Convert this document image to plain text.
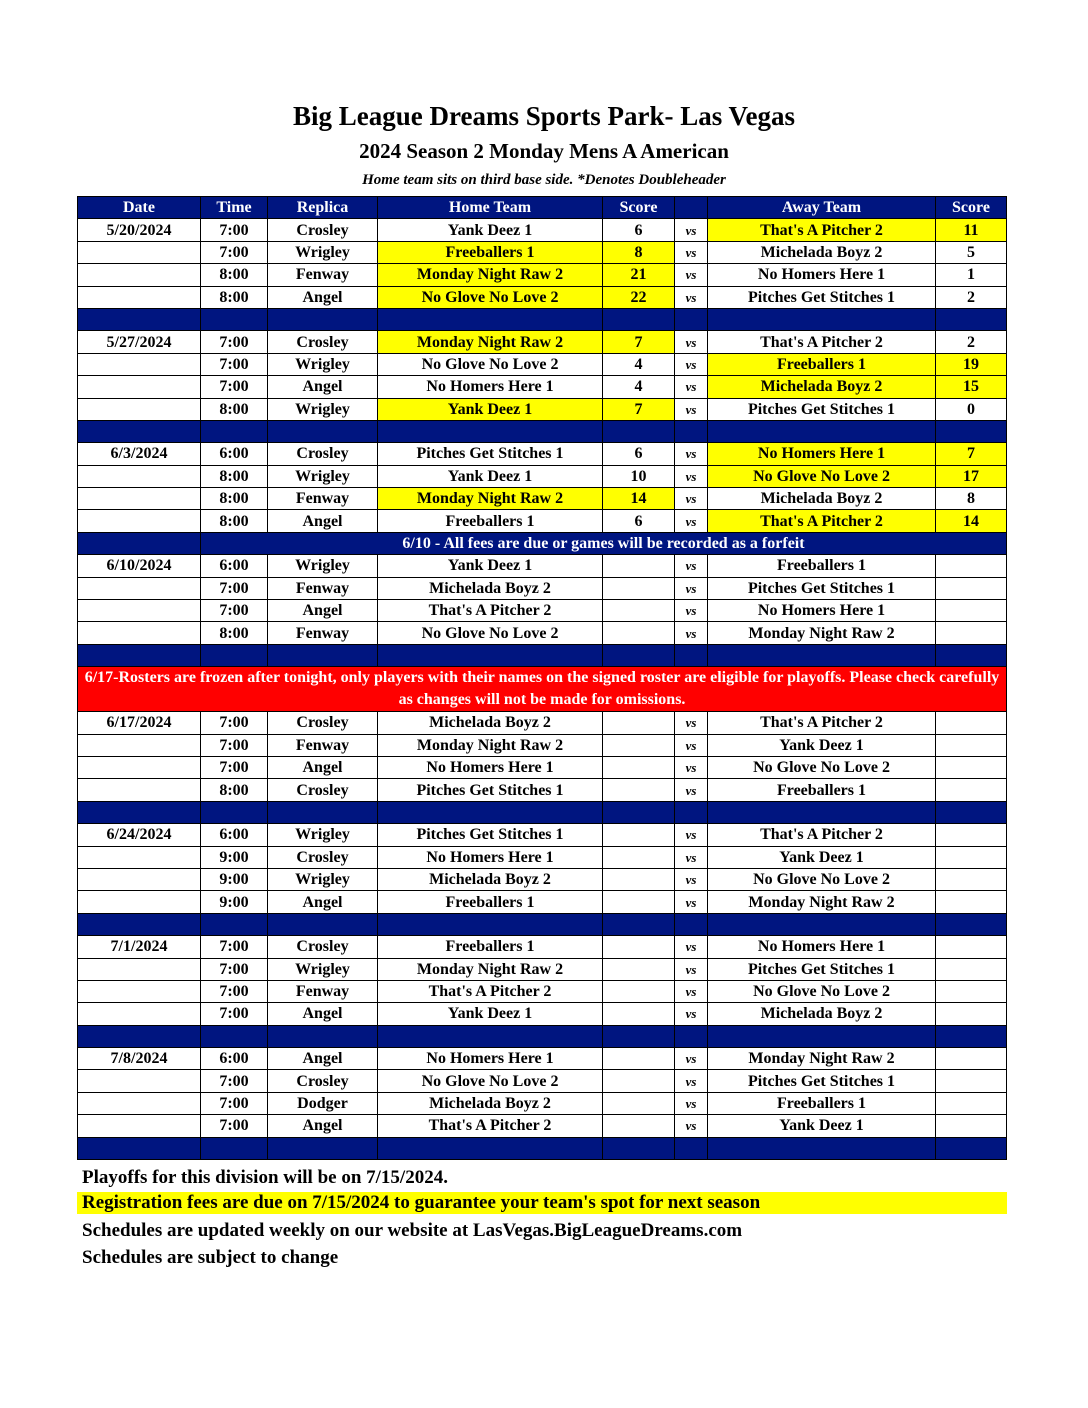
Big League Dreams Sports Park- Las Vegas
2024 Season 2 Monday Mens A American
Home team sits on third base side. *Denotes Doubleheader
Date	Time	Replica	Home Team	Score		Away Team	Score
5/20/2024	7:00	Crosley	Yank Deez 1	6	vs	That's A Pitcher 2	11
	7:00	Wrigley	Freeballers 1	8	vs	Michelada Boyz 2	5
	8:00	Fenway	Monday Night Raw 2	21	vs	No Homers Here 1	1
	8:00	Angel	No Glove No Love 2	22	vs	Pitches Get Stitches 1	2

5/27/2024	7:00	Crosley	Monday Night Raw 2	7	vs	That's A Pitcher 2	2
	7:00	Wrigley	No Glove No Love 2	4	vs	Freeballers 1	19
	7:00	Angel	No Homers Here 1	4	vs	Michelada Boyz 2	15
	8:00	Wrigley	Yank Deez 1	7	vs	Pitches Get Stitches 1	0

6/3/2024	6:00	Crosley	Pitches Get Stitches 1	6	vs	No Homers Here 1	7
	8:00	Wrigley	Yank Deez 1	10	vs	No Glove No Love 2	17
	8:00	Fenway	Monday Night Raw 2	14	vs	Michelada Boyz 2	8
	8:00	Angel	Freeballers 1	6	vs	That's A Pitcher 2	14
	6/10 - All fees are due or games will be recorded as a forfeit						
6/10/2024	6:00	Wrigley	Yank Deez 1		vs	Freeballers 1	
	7:00	Fenway	Michelada Boyz 2		vs	Pitches Get Stitches 1	
	7:00	Angel	That's A Pitcher 2		vs	No Homers Here 1	
	8:00	Fenway	No Glove No Love 2		vs	Monday Night Raw 2	

6/17-Rosters are frozen after tonight, only players with their names on the signed roster are eligible for playoffs. Please check carefully as changes will not be made for omissions.							
6/17/2024	7:00	Crosley	Michelada Boyz 2		vs	That's A Pitcher 2	
	7:00	Fenway	Monday Night Raw 2		vs	Yank Deez 1	
	7:00	Angel	No Homers Here 1		vs	No Glove No Love 2	
	8:00	Crosley	Pitches Get Stitches 1		vs	Freeballers 1	

6/24/2024	6:00	Wrigley	Pitches Get Stitches 1		vs	That's A Pitcher 2	
	9:00	Crosley	No Homers Here 1		vs	Yank Deez 1	
	9:00	Wrigley	Michelada Boyz 2		vs	No Glove No Love 2	
	9:00	Angel	Freeballers 1		vs	Monday Night Raw 2	

7/1/2024	7:00	Crosley	Freeballers 1		vs	No Homers Here 1	
	7:00	Wrigley	Monday Night Raw 2		vs	Pitches Get Stitches 1	
	7:00	Fenway	That's A Pitcher 2		vs	No Glove No Love 2	
	7:00	Angel	Yank Deez 1		vs	Michelada Boyz 2	

7/8/2024	6:00	Angel	No Homers Here 1		vs	Monday Night Raw 2	
	7:00	Crosley	No Glove No Love 2		vs	Pitches Get Stitches 1	
	7:00	Dodger	Michelada Boyz 2		vs	Freeballers 1	
	7:00	Angel	That's A Pitcher 2		vs	Yank Deez 1	

Playoffs for this division will be on 7/15/2024.
Registration fees are due on 7/15/2024 to guarantee your team's spot for next season
Schedules are updated weekly on our website at LasVegas.BigLeagueDreams.com
Schedules are subject to change
